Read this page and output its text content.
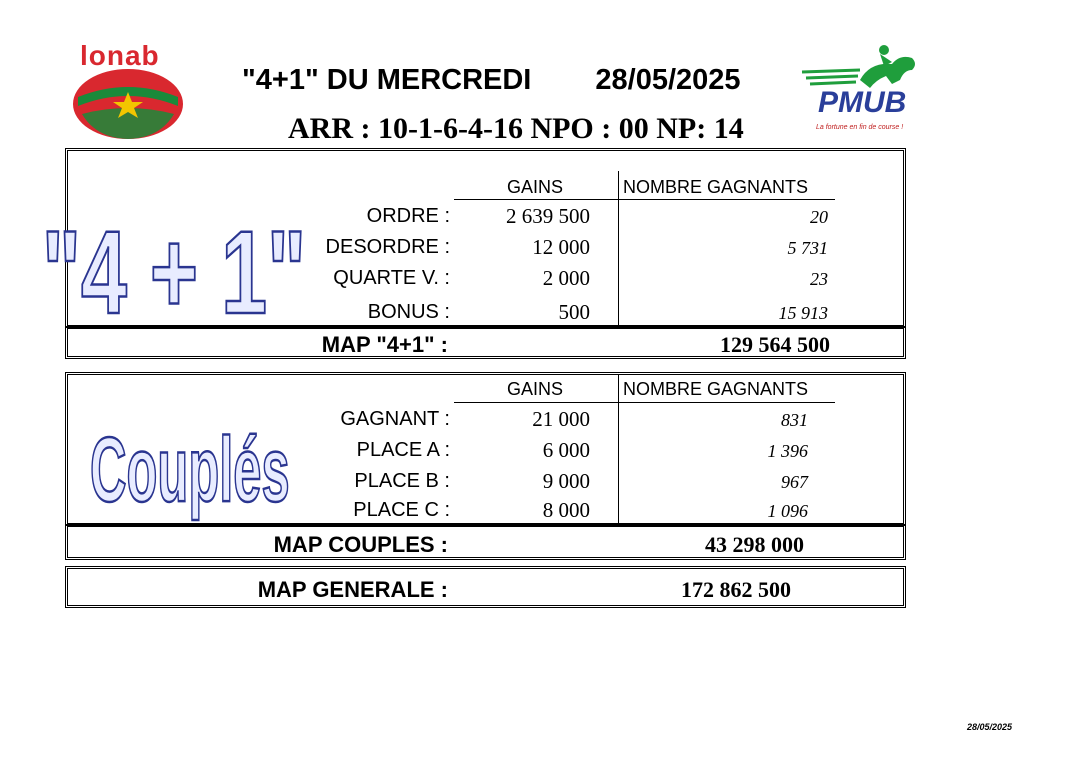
lonab
PMUB
La fortune en fin de course !
"4+1" DU MERCREDI 28/05/2025
ARR : 10-1-6-4-16 NPO : 00 NP: 14
"4 + 1"
GAINS	NOMBRE GAGNANTS
ORDRE :	2 639 500	20
DESORDRE :	12 000	5 731
QUARTE V. :	2 000	23
BONUS :	500	15 913
MAP "4+1" :	129 564 500
Couplés
GAINS	NOMBRE GAGNANTS
GAGNANT :	21 000	831
PLACE A :	6 000	1 396
PLACE B :	9 000	967
PLACE C :	8 000	1 096
MAP COUPLES :	43 298 000
MAP GENERALE :	172 862 500
28/05/2025
